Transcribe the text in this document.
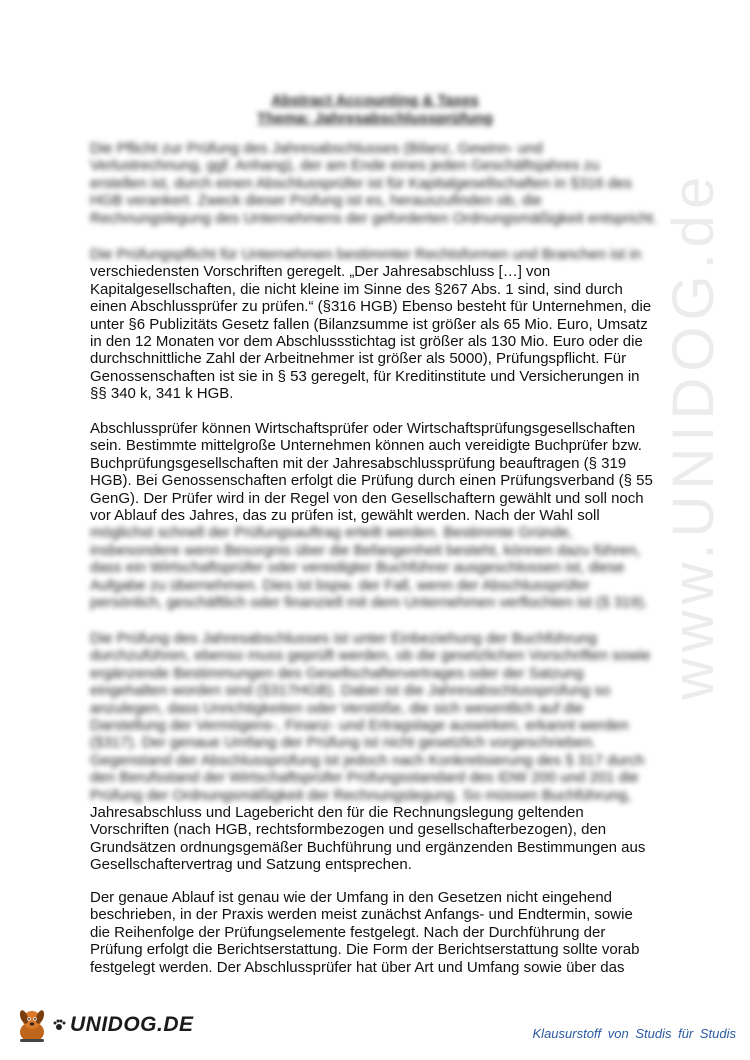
www.UNIDOG.de
Abstract Accounting & Taxes
Thema: Jahresabschlussprüfung
Die Pflicht zur Prüfung des Jahresabschlusses (Bilanz, Gewinn- und
Verlustrechnung, ggf. Anhang), der am Ende eines jeden Geschäftsjahres zu
erstellen ist, durch einen Abschlussprüfer ist für Kapitalgesellschaften in §316 des
HGB verankert. Zweck dieser Prüfung ist es, herauszufinden ob, die
Rechnungslegung des Unternehmens der geforderten Ordnungsmäßigkeit entspricht.
Die Prüfungspflicht für Unternehmen bestimmter Rechtsformen und Branchen ist in
verschiedensten Vorschriften geregelt. „Der Jahresabschluss […] von
Kapitalgesellschaften, die nicht kleine im Sinne des §267 Abs. 1 sind, sind durch
einen Abschlussprüfer zu prüfen.“ (§316 HGB) Ebenso besteht für Unternehmen, die
unter §6 Publizitäts Gesetz fallen (Bilanzsumme ist größer als 65 Mio. Euro, Umsatz
in den 12 Monaten vor dem Abschlussstichtag ist größer als 130 Mio. Euro oder die
durchschnittliche Zahl der Arbeitnehmer ist größer als 5000), Prüfungspflicht. Für
Genossenschaften ist sie in § 53 geregelt, für Kreditinstitute und Versicherungen in
§§ 340 k, 341 k HGB.
Abschlussprüfer können Wirtschaftsprüfer oder Wirtschaftsprüfungsgesellschaften
sein. Bestimmte mittelgroße Unternehmen können auch vereidigte Buchprüfer bzw.
Buchprüfungsgesellschaften mit der Jahresabschlussprüfung beauftragen (§ 319
HGB). Bei Genossenschaften erfolgt die Prüfung durch einen Prüfungsverband (§ 55
GenG). Der Prüfer wird in der Regel von den Gesellschaftern gewählt und soll noch
vor Ablauf des Jahres, das zu prüfen ist, gewählt werden. Nach der Wahl soll
möglichst schnell der Prüfungsauftrag erteilt werden. Bestimmte Gründe,
insbesondere wenn Besorgnis über die Befangenheit besteht, können dazu führen,
dass ein Wirtschaftsprüfer oder vereidigter Buchführer ausgeschlossen ist, diese
Aufgabe zu übernehmen. Dies ist bspw. der Fall, wenn der Abschlussprüfer
persönlich, geschäftlich oder finanziell mit dem Unternehmen verflochten ist (§ 319).
Die Prüfung des Jahresabschlusses ist unter Einbeziehung der Buchführung
durchzuführen, ebenso muss geprüft werden, ob die gesetzlichen Vorschriften sowie
ergänzende Bestimmungen des Gesellschaftervertrages oder der Satzung
eingehalten worden sind (§317HGB). Dabei ist die Jahresabschlussprüfung so
anzulegen, dass Unrichtigkeiten oder Verstöße, die sich wesentlich auf die
Darstellung der Vermögens-, Finanz- und Ertragslage auswirken, erkannt werden
(§317). Der genaue Umfang der Prüfung ist nicht gesetzlich vorgeschrieben.
Gegenstand der Abschlussprüfung ist jedoch nach Konkretisierung des § 317 durch
den Berufsstand der Wirtschaftsprüfer Prüfungsstandard des IDW 200 und 201 die
Prüfung der Ordnungsmäßigkeit der Rechnungslegung. So müssen Buchführung,
Jahresabschluss und Lagebericht den für die Rechnungslegung geltenden
Vorschriften (nach HGB, rechtsformbezogen und gesellschafterbezogen), den
Grundsätzen ordnungsgemäßer Buchführung und ergänzenden Bestimmungen aus
Gesellschaftervertrag und Satzung entsprechen.
Der genaue Ablauf ist genau wie der Umfang in den Gesetzen nicht eingehend
beschrieben, in der Praxis werden meist zunächst Anfangs- und Endtermin, sowie
die Reihenfolge der Prüfungselemente festgelegt. Nach der Durchführung der
Prüfung erfolgt die Berichtserstattung. Die Form der Berichtserstattung sollte vorab
festgelegt werden. Der Abschlussprüfer hat über Art und Umfang sowie über das
UNIDOG.DE	Klausurstoff von Studis für Studis
